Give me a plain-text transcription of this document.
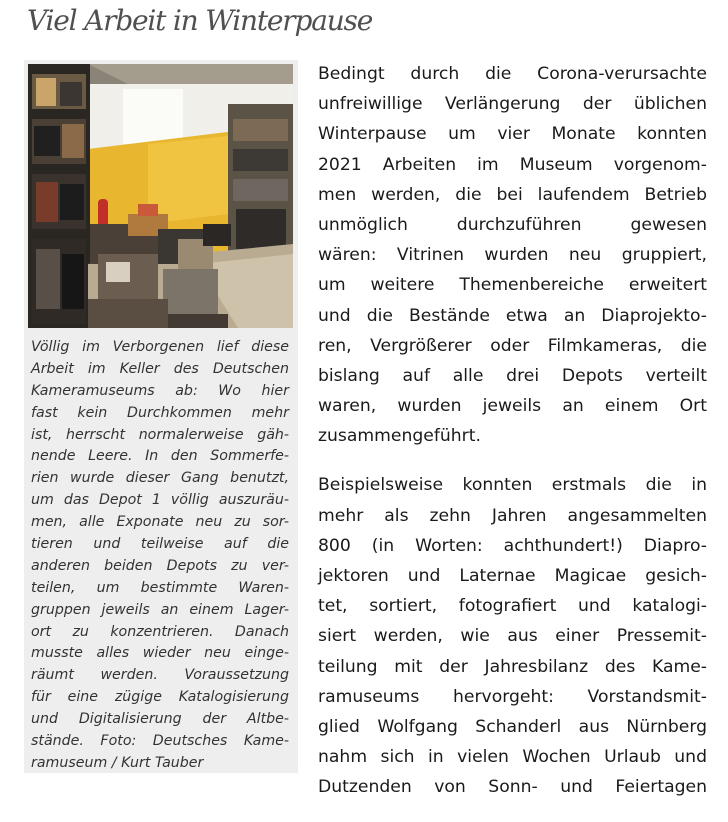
Viel Arbeit in Winterpause
Völlig im Verborgenen lief diese
Arbeit im Keller des Deutschen
Kameramuseums ab: Wo hier
fast kein Durchkommen mehr
ist, herrscht normalerweise gäh-
nende Leere. In den Sommerfe-
rien wurde dieser Gang benutzt,
um das Depot 1 völlig auszuräu-
men, alle Exponate neu zu sor-
tieren und teilweise auf die
anderen beiden Depots zu ver-
teilen, um bestimmte Waren-
gruppen jeweils an einem Lager-
ort zu konzentrieren. Danach
musste alles wieder neu einge-
räumt werden. Voraussetzung
für eine zügige Katalogisierung
und Digitalisierung der Altbe-
stände. Foto: Deutsches Kame-
ramuseum / Kurt Tauber
Bedingt durch die Corona-verursachte
unfreiwillige Verlängerung der üblichen
Winterpause um vier Monate konnten
2021 Arbeiten im Museum vorgenom-
men werden, die bei laufendem Betrieb
unmöglich durchzuführen gewesen
wären: Vitrinen wurden neu gruppiert,
um weitere Themenbereiche erweitert
und die Bestände etwa an Diaprojekto-
ren, Vergrößerer oder Filmkameras, die
bislang auf alle drei Depots verteilt
waren, wurden jeweils an einem Ort
zusammengeführt.
Beispielsweise konnten erstmals die in
mehr als zehn Jahren angesammelten
800 (in Worten: achthundert!) Diapro-
jektoren und Laternae Magicae gesich-
tet, sortiert, fotografiert und katalogi-
siert werden, wie aus einer Pressemit-
teilung mit der Jahresbilanz des Kame-
ramuseums hervorgeht: Vorstandsmit-
glied Wolfgang Schanderl aus Nürnberg
nahm sich in vielen Wochen Urlaub und
Dutzenden von Sonn- und Feiertagen
